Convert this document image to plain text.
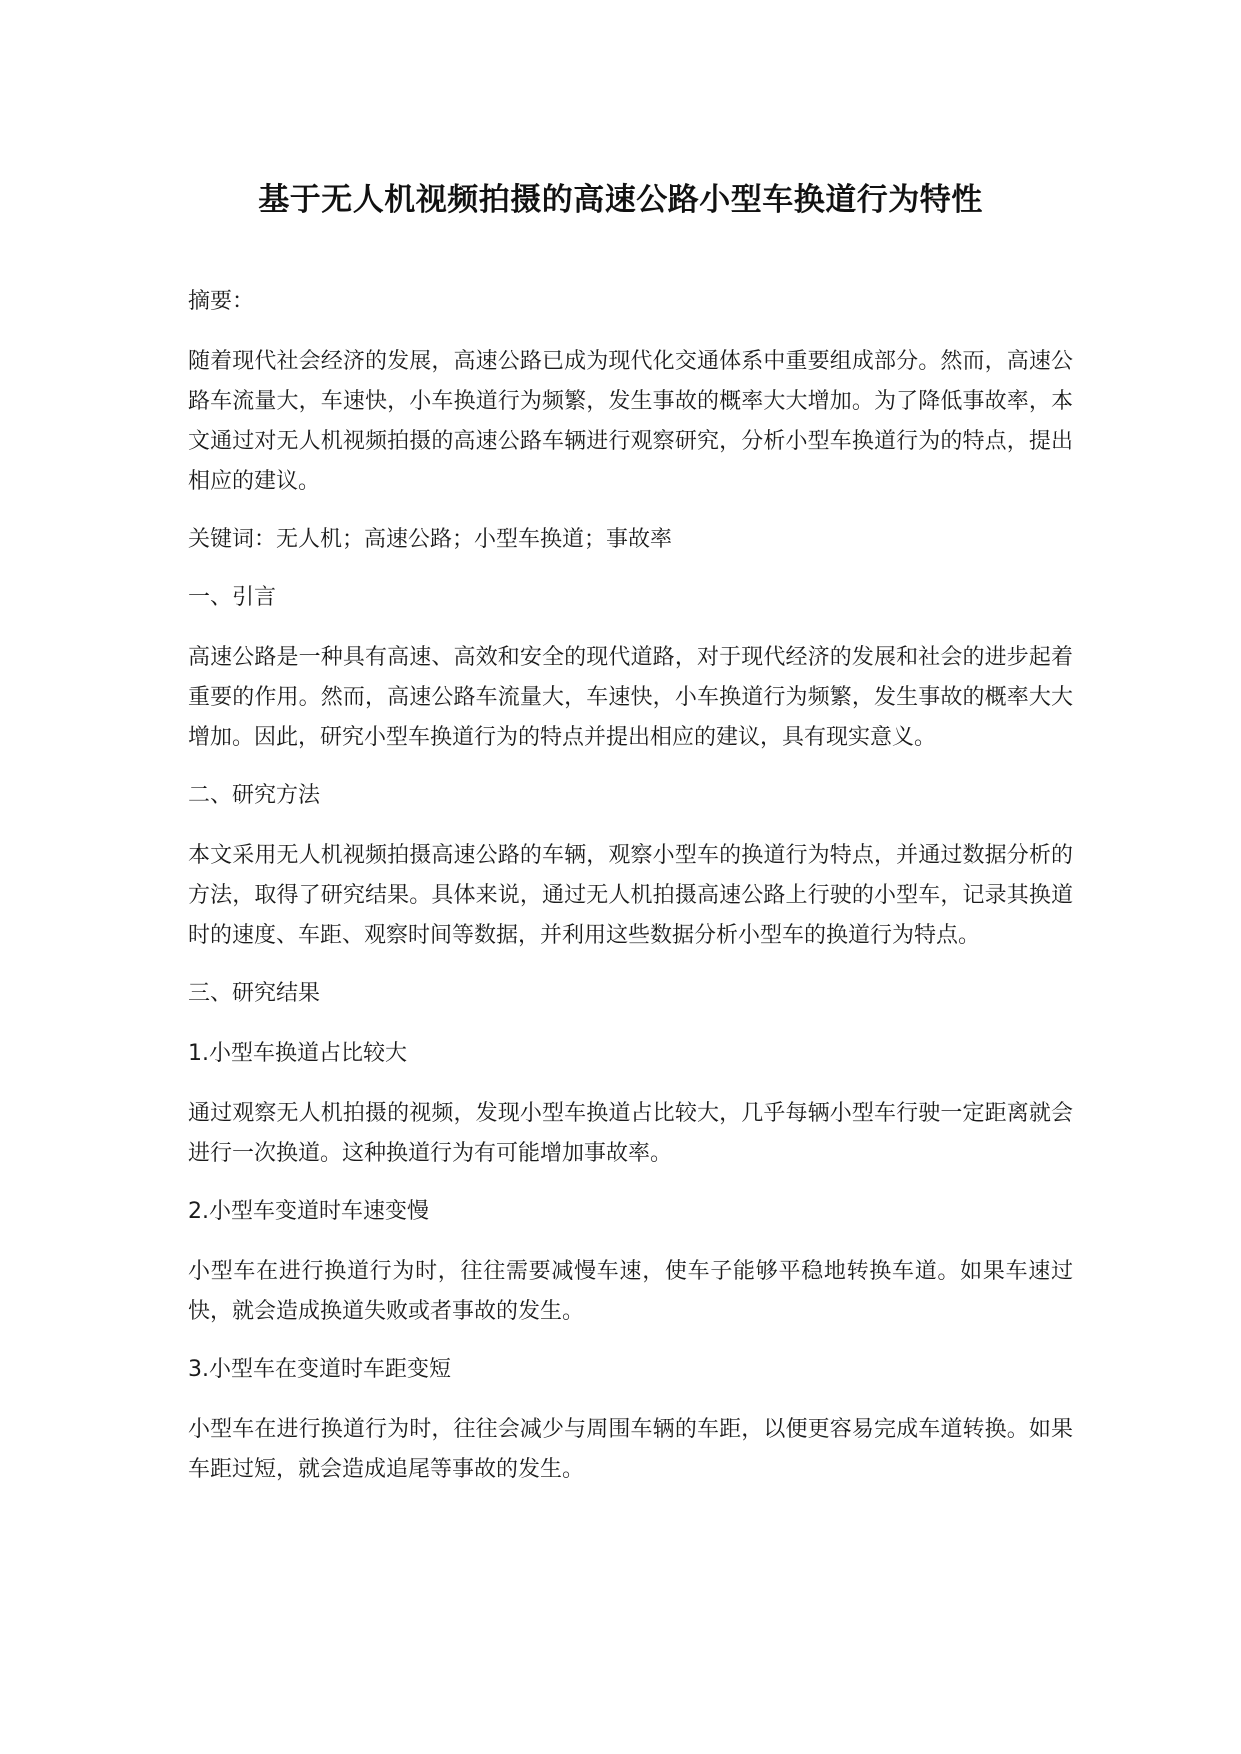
基于无人机视频拍摄的高速公路小型车换道行为特性

摘要：

随着现代社会经济的发展，高速公路已成为现代化交通体系中重要组成部分。然而，高速公路车流量大，车速快，小车换道行为频繁，发生事故的概率大大增加。为了降低事故率，本文通过对无人机视频拍摄的高速公路车辆进行观察研究，分析小型车换道行为的特点，提出相应的建议。

关键词：无人机；高速公路；小型车换道；事故率

一、引言

高速公路是一种具有高速、高效和安全的现代道路，对于现代经济的发展和社会的进步起着重要的作用。然而，高速公路车流量大，车速快，小车换道行为频繁，发生事故的概率大大增加。因此，研究小型车换道行为的特点并提出相应的建议，具有现实意义。

二、研究方法

本文采用无人机视频拍摄高速公路的车辆，观察小型车的换道行为特点，并通过数据分析的方法，取得了研究结果。具体来说，通过无人机拍摄高速公路上行驶的小型车，记录其换道时的速度、车距、观察时间等数据，并利用这些数据分析小型车的换道行为特点。

三、研究结果

1.小型车换道占比较大

通过观察无人机拍摄的视频，发现小型车换道占比较大，几乎每辆小型车行驶一定距离就会进行一次换道。这种换道行为有可能增加事故率。

2.小型车变道时车速变慢

小型车在进行换道行为时，往往需要减慢车速，使车子能够平稳地转换车道。如果车速过快，就会造成换道失败或者事故的发生。

3.小型车在变道时车距变短

小型车在进行换道行为时，往往会减少与周围车辆的车距，以便更容易完成车道转换。如果车距过短，就会造成追尾等事故的发生。
